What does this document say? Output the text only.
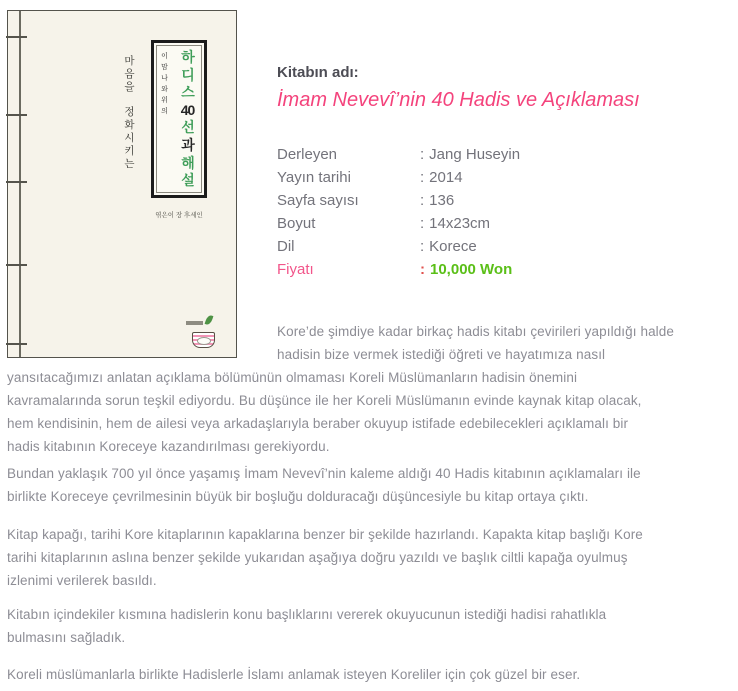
마음을
정화시키는
이맘나와위의
하
디
스
40
선
과
해
설
엮은이 장 후세인
Kitabın adı:
İmam Nevevî’nin 40 Hadis ve Açıklaması
Derleyen	: Jang Huseyin
Yayın tarihi	: 2014
Sayfa sayısı	: 136
Boyut	: 14x23cm
Dil	: Korece
Fiyatı	: 10,000 Won
Kore’de şimdiye kadar birkaç hadis kitabı çevirileri yapıldığı halde
hadisin bize vermek istediği öğreti ve hayatımıza nasıl
yansıtacağımızı anlatan açıklama bölümünün olmaması Koreli Müslümanların hadisin önemini
kavramalarında sorun teşkil ediyordu. Bu düşünce ile her Koreli Müslümanın evinde kaynak kitap olacak,
hem kendisinin, hem de ailesi veya arkadaşlarıyla beraber okuyup istifade edebilecekleri açıklamalı bir
hadis kitabının Koreceye kazandırılması gerekiyordu.
Bundan yaklaşık 700 yıl önce yaşamış İmam Nevevî’nin kaleme aldığı 40 Hadis kitabının açıklamaları ile
birlikte Koreceye çevrilmesinin büyük bir boşluğu dolduracağı düşüncesiyle bu kitap ortaya çıktı.
Kitap kapağı, tarihi Kore kitaplarının kapaklarına benzer bir şekilde hazırlandı. Kapakta kitap başlığı Kore
tarihi kitaplarının aslına benzer şekilde yukarıdan aşağıya doğru yazıldı ve başlık ciltli kapağa oyulmuş
izlenimi verilerek basıldı.
Kitabın içindekiler kısmına hadislerin konu başlıklarını vererek okuyucunun istediği hadisi rahatlıkla
bulmasını sağladık.
Koreli müslümanlarla birlikte Hadislerle İslamı anlamak isteyen Koreliler için çok güzel bir eser.
